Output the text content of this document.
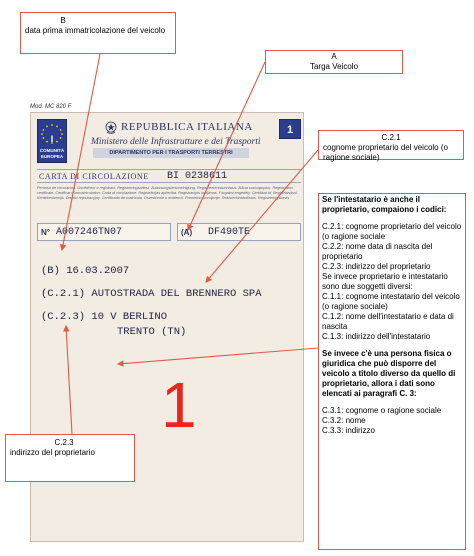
Mod. MC 820 F
I
COMUNITÀ EUROPEA
REPUBBLICA ITALIANA
Ministero delle Infrastrutture e dei Trasporti
DIPARTIMENTO PER I TRASPORTI TERRESTRI
1
CARTA DI CIRCOLAZIONE BI 0238611
Permiso de circulación. Osvědčení o registraci. Registreringsattest. Zulassungsbescheinigung. Registreerimistunnistus. Άδεια κυκλοφορίας. Registration certificate. Certificat d'immatriculation. Carta di circolazione. Reģistrācijas apliecība. Registracijos liudijimas. Forgalmi engedély. Certifikat ta' Registrazzjoni. Kentekenbewijs. Dowód rejestracyjny. Certificado de matrícula. Osvedčenie o evidencii. Prometno dovoljenje. Rekisteröintitodistus. Registreringsbevis
N° A007246TN07	(A) DF490TE
(B) 16.03.2007
(C.2.1) AUTOSTRADA DEL BRENNERO SPA
(C.2.3) 10 V BERLINO
TRENTO (TN)
1
B
data prima immatricolazione del veicolo
A
Targa Veicolo
C.2.1
cognome proprietario del veicolo (o ragione sociale)
C.2.3
indirizzo del proprietario

Se l'intestatario è anche il proprietario, compaiono i codici:

C.2.1: cognome proprietario del veicolo (o ragione sociale

C.2.2: nome data di nascita del proprietario

C.2.3: indirizzo del proprietario

Se invece proprietario e intestatario sono due soggetti diversi:

C.1.1: cognome intestatario del veicolo (o ragione sociale)

C.1.2: nome dell'intestatario e data di nascita

C.1.3: indirizzo dell'intestatario

Se invece c'è una persona fisica o giuridica che può disporre del veicolo a titolo diverso da quello di proprietario, allora i dati sono elencati ai paragrafi C. 3:

C.3.1: cognome o ragione sociale

C.3.2: nome

C.3.3: indirizzo
